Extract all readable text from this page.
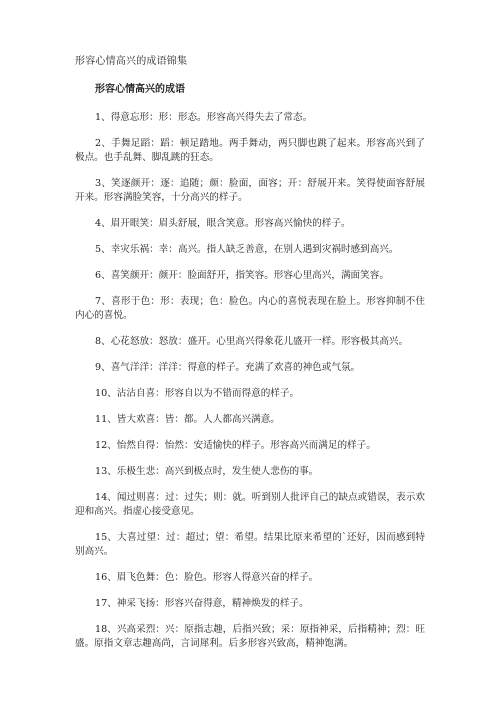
形容心情高兴的成语锦集
形容心情高兴的成语

1、得意忘形：形：形态。形容高兴得失去了常态。

2、手舞足蹈：蹈：顿足踏地。两手舞动，两只脚也跳了起来。形容高兴到了极点。也手乱舞、脚乱跳的狂态。

3、笑逐颜开：逐：追随；颜：脸面，面容；开：舒展开来。笑得使面容舒展开来。形容满脸笑容，十分高兴的样子。

4、眉开眼笑：眉头舒展，眼含笑意。形容高兴愉快的样子。

5、幸灾乐祸：幸：高兴。指人缺乏善意，在别人遇到灾祸时感到高兴。

6、喜笑颜开：颜开：脸面舒开，指笑容。形容心里高兴，满面笑容。

7、喜形于色：形：表现；色：脸色。内心的喜悦表现在脸上。形容抑制不住内心的喜悦。

8、心花怒放：怒放：盛开。心里高兴得象花儿盛开一样。形容极其高兴。

9、喜气洋洋：洋洋：得意的样子。充满了欢喜的神色或气氛。

10、沾沾自喜：形容自以为不错而得意的样子。

11、皆大欢喜：皆：都。人人都高兴满意。

12、怡然自得：怡然：安适愉快的样子。形容高兴而满足的样子。

13、乐极生悲：高兴到极点时，发生使人悲伤的事。

14、闻过则喜：过：过失；则：就。听到别人批评自己的缺点或错误，表示欢迎和高兴。指虚心接受意见。

15、大喜过望：过：超过；望：希望。结果比原来希望的`还好，因而感到特别高兴。

16、眉飞色舞：色：脸色。形容人得意兴奋的样子。

17、神采飞扬：形容兴奋得意，精神焕发的样子。

18、兴高采烈：兴：原指志趣，后指兴致；采：原指神采，后指精神；烈：旺盛。原指文章志趣高尚，言词犀利。后多形容兴致高，精神饱满。
